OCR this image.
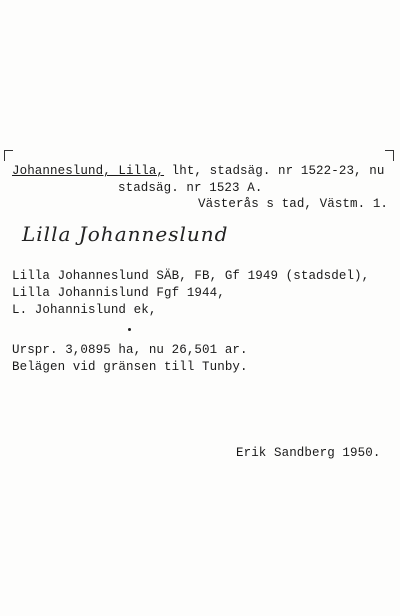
Johanneslund, Lilla, lht, stadsäg. nr 1522-23, nu
stadsäg. nr 1523 A.
Västerås s tad, Västm. 1.
Lilla Johanneslund
Lilla Johanneslund SÄB, FB, Gf 1949 (stadsdel),
Lilla Johannislund Fgf 1944,
L. Johannislund ek,
Urspr. 3,0895 ha, nu 26,501 ar.
Belägen vid gränsen till Tunby.
Erik Sandberg 1950.
